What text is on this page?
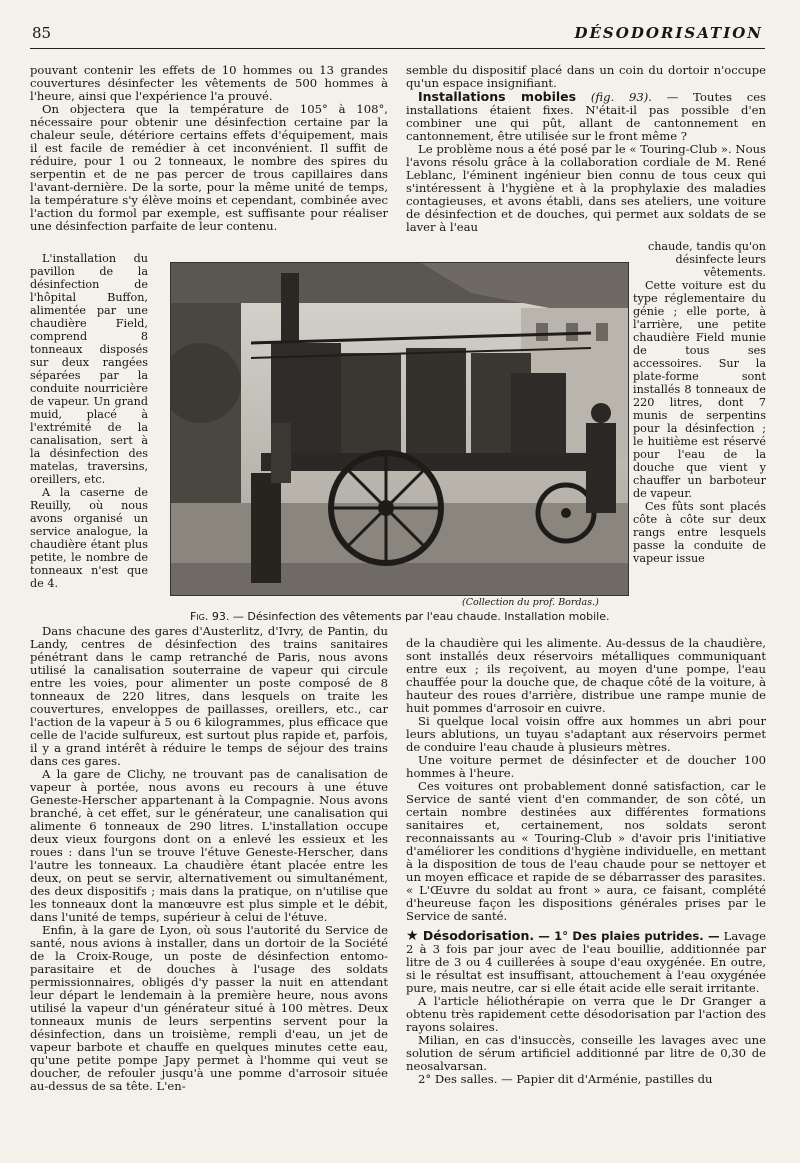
85	DÉSODORISATION

pouvant contenir les effets de 10 hommes ou 13 grandes couvertures désinfecter les vêtements de 500 hommes à l'heure, ainsi que l'expérience l'a prouvé.

On objectera que la température de 105° à 108°, nécessaire pour obtenir une désinfection certaine par la chaleur seule, détériore certains effets d'équipement, mais il est facile de remédier à cet inconvénient. Il suffit de réduire, pour 1 ou 2 tonneaux, le nombre des spires du serpentin et de ne pas percer de trous capillaires dans l'avant-dernière. De la sorte, pour la même unité de temps, la température s'y élève moins et cependant, combinée avec l'action du formol par exemple, est suffisante pour réaliser une désinfection parfaite de leur contenu.

semble du dispositif placé dans un coin du dortoir n'occupe qu'un espace insignifiant.

Installations mobiles (fig. 93). — Toutes ces installations étaient fixes. N'était-il pas possible d'en combiner une qui pût, allant de cantonnement en cantonnement, être utilisée sur le front même ?

Le problème nous a été posé par le « Touring-Club ». Nous l'avons résolu grâce à la collaboration cordiale de M. René Leblanc, l'éminent ingénieur bien connu de tous ceux qui s'intéressent à l'hygiène et à la prophylaxie des maladies contagieuses, et avons établi, dans ses ateliers, une voiture de désinfection et de douches, qui permet aux soldats de se laver à l'eau

L'installation du pavillon de la désinfection de l'hôpital Buffon, alimentée par une chaudière Field, comprend 8 tonneaux disposés sur deux rangées séparées par la conduite nourricière de vapeur. Un grand muid, placé à l'extrémité de la canalisation, sert à la désinfection des matelas, traversins, oreillers, etc.

A la caserne de Reuilly, où nous avons organisé un service analogue, la chaudière étant plus petite, le nombre de tonneaux n'est que de 4.

chaude, tandis qu'on désinfecte leurs vêtements.

Cette voiture est du type réglementaire du génie ; elle porte, à l'arrière, une petite chaudière Field munie de tous ses accessoires. Sur la plate-forme sont installés 8 tonneaux de 220 litres, dont 7 munis de serpentins pour la désinfection ; le huitième est réservé pour l'eau de la douche que vient y chauffer un barboteur de vapeur.

Ces fûts sont placés côte à côte sur deux rangs entre lesquels passe la conduite de vapeur issue

(Collection du prof. Bordas.)
Fig. 93. — Désinfection des vêtements par l'eau chaude. Installation mobile.

Dans chacune des gares d'Austerlitz, d'Ivry, de Pantin, du Landy, centres de désinfection des trains sanitaires pénétrant dans le camp retranché de Paris, nous avons utilisé la canalisation souterraine de vapeur qui circule entre les voies, pour alimenter un poste composé de 8 tonneaux de 220 litres, dans lesquels on traite les couvertures, enveloppes de paillasses, oreillers, etc., car l'action de la vapeur à 5 ou 6 kilogrammes, plus efficace que celle de l'acide sulfureux, est surtout plus rapide et, parfois, il y a grand intérêt à réduire le temps de séjour des trains dans ces gares.

A la gare de Clichy, ne trouvant pas de canalisation de vapeur à portée, nous avons eu recours à une étuve Geneste-Herscher appartenant à la Compagnie. Nous avons branché, à cet effet, sur le générateur, une canalisation qui alimente 6 tonneaux de 290 litres. L'installation occupe deux vieux fourgons dont on a enlevé les essieux et les roues : dans l'un se trouve l'étuve Geneste-Herscher, dans l'autre les tonneaux. La chaudière étant placée entre les deux, on peut se servir, alternativement ou simultanément, des deux dispositifs ; mais dans la pratique, on n'utilise que les tonneaux dont la manœuvre est plus simple et le débit, dans l'unité de temps, supérieur à celui de l'étuve.

Enfin, à la gare de Lyon, où sous l'autorité du Service de santé, nous avions à installer, dans un dortoir de la Société de la Croix-Rouge, un poste de désinfection entomo-parasitaire et de douches à l'usage des soldats permissionnaires, obligés d'y passer la nuit en attendant leur départ le lendemain à la première heure, nous avons utilisé la vapeur d'un générateur situé à 100 mètres. Deux tonneaux munis de leurs serpentins servent pour la désinfection, dans un troisième, rempli d'eau, un jet de vapeur barbote et chauffe en quelques minutes cette eau, qu'une petite pompe Japy permet à l'homme qui veut se doucher, de refouler jusqu'à une pomme d'arrosoir située au-dessus de sa tête. L'en-

de la chaudière qui les alimente. Au-dessus de la chaudière, sont installés deux réservoirs métalliques communiquant entre eux ; ils reçoivent, au moyen d'une pompe, l'eau chauffée pour la douche que, de chaque côté de la voiture, à hauteur des roues d'arrière, distribue une rampe munie de huit pommes d'arrosoir en cuivre.

Si quelque local voisin offre aux hommes un abri pour leurs ablutions, un tuyau s'adaptant aux réservoirs permet de conduire l'eau chaude à plusieurs mètres.

Une voiture permet de désinfecter et de doucher 100 hommes à l'heure.

Ces voitures ont probablement donné satisfaction, car le Service de santé vient d'en commander, de son côté, un certain nombre destinées aux différentes formations sanitaires et, certainement, nos soldats seront reconnaissants au « Touring-Club » d'avoir pris l'initiative d'améliorer les conditions d'hygiène individuelle, en mettant à la disposition de tous de l'eau chaude pour se nettoyer et un moyen efficace et rapide de se débarrasser des parasites. « L'Œuvre du soldat au front » aura, ce faisant, complété d'heureuse façon les dispositions générales prises par le Service de santé.

★ Désodorisation. — 1° Des plaies putrides. — Lavage 2 à 3 fois par jour avec de l'eau bouillie, additionnée par litre de 3 ou 4 cuillerées à soupe d'eau oxygénée. En outre, si le résultat est insuffisant, attouchement à l'eau oxygénée pure, mais neutre, car si elle était acide elle serait irritante.

A l'article héliothérapie on verra que le Dr Granger a obtenu très rapidement cette désodorisation par l'action des rayons solaires.

Milian, en cas d'insuccès, conseille les lavages avec une solution de sérum artificiel additionné par litre de 0,30 de neosalvarsan.

2° Des salles. — Papier dit d'Arménie, pastilles du
